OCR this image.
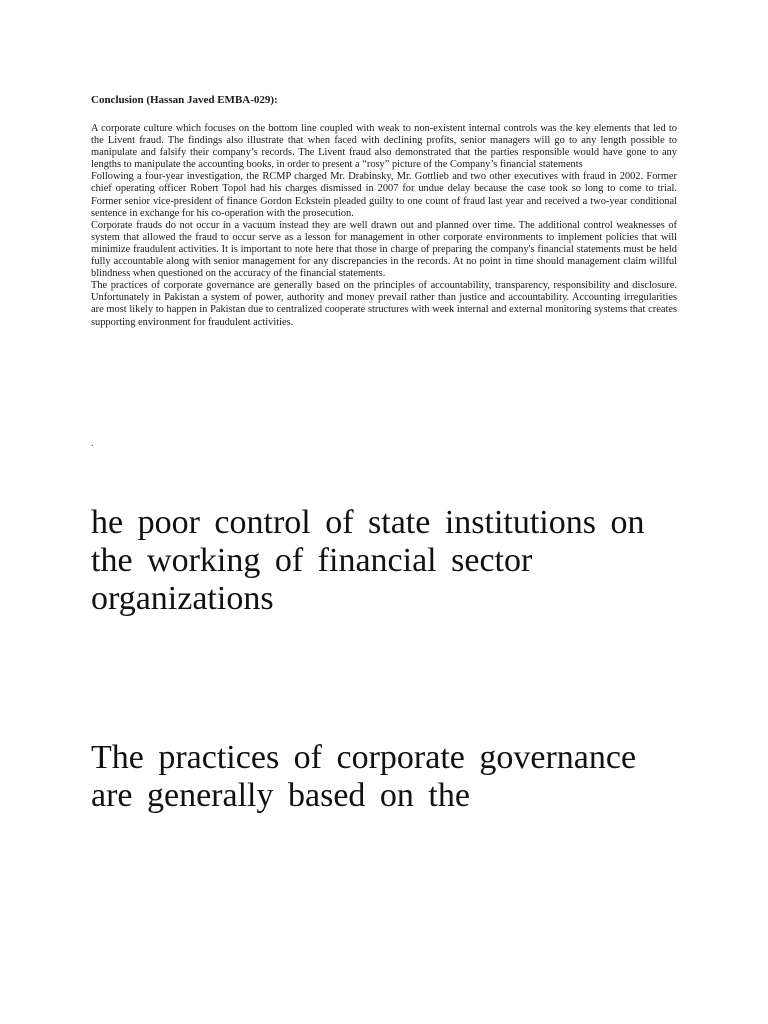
Conclusion (Hassan Javed EMBA-029):

A corporate culture which focuses on the bottom line coupled with weak to non-existent internal controls was the key elements that led to the Livent fraud. The findings also illustrate that when faced with declining profits, senior managers will go to any length possible to manipulate and falsify their company’s records. The Livent fraud also demonstrated that the parties responsible would have gone to any lengths to manipulate the accounting books, in order to present a “rosy” picture of the Company’s financial statements

Following a four-year investigation, the RCMP charged Mr. Drabinsky, Mr. Gottlieb and two other executives with fraud in 2002. Former chief operating officer Robert Topol had his charges dismissed in 2007 for undue delay because the case took so long to come to trial. Former senior vice-president of finance Gordon Eckstein pleaded guilty to one count of fraud last year and received a two-year conditional sentence in exchange for his co-operation with the prosecution.

Corporate frauds do not occur in a vacuum instead they are well drawn out and planned over time. The additional control weaknesses of system that allowed the fraud to occur serve as a lesson for management in other corporate environments to implement policies that will minimize fraudulent activities. It is important to note here that those in charge of preparing the company's financial statements must be held fully accountable along with senior management for any discrepancies in the records. At no point in time should management claim willful blindness when questioned on the accuracy of the financial statements.

The practices of corporate governance are generally based on the principles of accountability, transparency, responsibility and disclosure. Unfortunately in Pakistan a system of power, authority and money prevail rather than justice and accountability. Accounting irregularities are most likely to happen in Pakistan due to centralized cooperate structures with week internal and external monitoring systems that creates supporting environment for fraudulent activities.

.

he poor control of state institutions on the working of financial sector organizations

The practices of corporate governance are generally based on the
